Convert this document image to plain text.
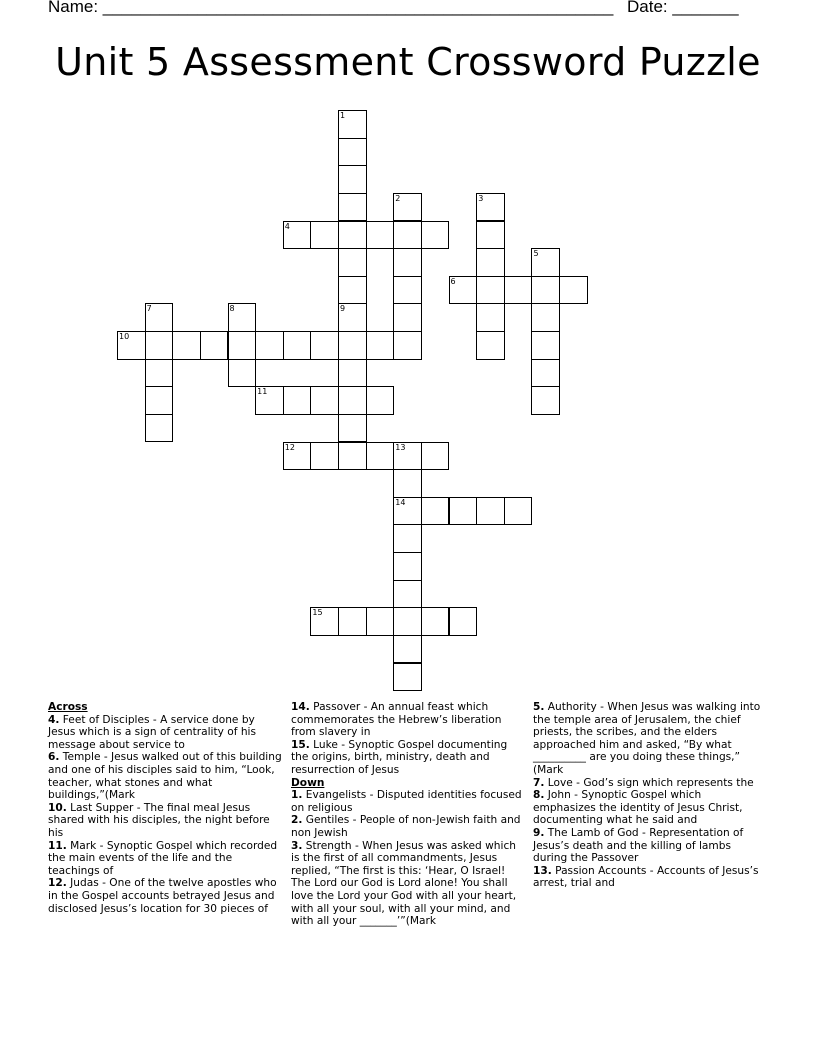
Name: ______________________________________________________ Date: _______
Unit 5 Assessment Crossword Puzzle
4
6
10
11
12	13
14
15
1
9
2	3
5
7	8

Across

4. Feet of Disciples - A service done by Jesus which is a sign of centrality of his message about service to

6. Temple - Jesus walked out of this building and one of his disciples said to him, “Look, teacher, what stones and what buildings,”(Mark

10. Last Supper - The final meal Jesus shared with his disciples, the night before his

11. Mark - Synoptic Gospel which recorded the main events of the life and the teachings of

12. Judas - One of the twelve apostles who in the Gospel accounts betrayed Jesus and disclosed Jesus’s location for 30 pieces of

14. Passover - An annual feast which commemorates the Hebrew’s liberation from slavery in

15. Luke - Synoptic Gospel documenting the origins, birth, ministry, death and resurrection of Jesus

Down

1. Evangelists - Disputed identities focused on religious

2. Gentiles - People of non-Jewish faith and non Jewish

3. Strength - When Jesus was asked which is the first of all commandments, Jesus replied, “The first is this: ‘Hear, O Israel! The Lord our God is Lord alone! You shall love the Lord your God with all your heart, with all your soul, with all your mind, and with all your _______’”(Mark

5. Authority - When Jesus was walking into the temple area of Jerusalem, the chief priests, the scribes, and the elders approached him and asked, “By what __________ are you doing these things,” (Mark

7. Love - God’s sign which represents the

8. John - Synoptic Gospel which emphasizes the identity of Jesus Christ, documenting what he said and

9. The Lamb of God - Representation of Jesus’s death and the killing of lambs during the Passover

13. Passion Accounts - Accounts of Jesus’s arrest, trial and
